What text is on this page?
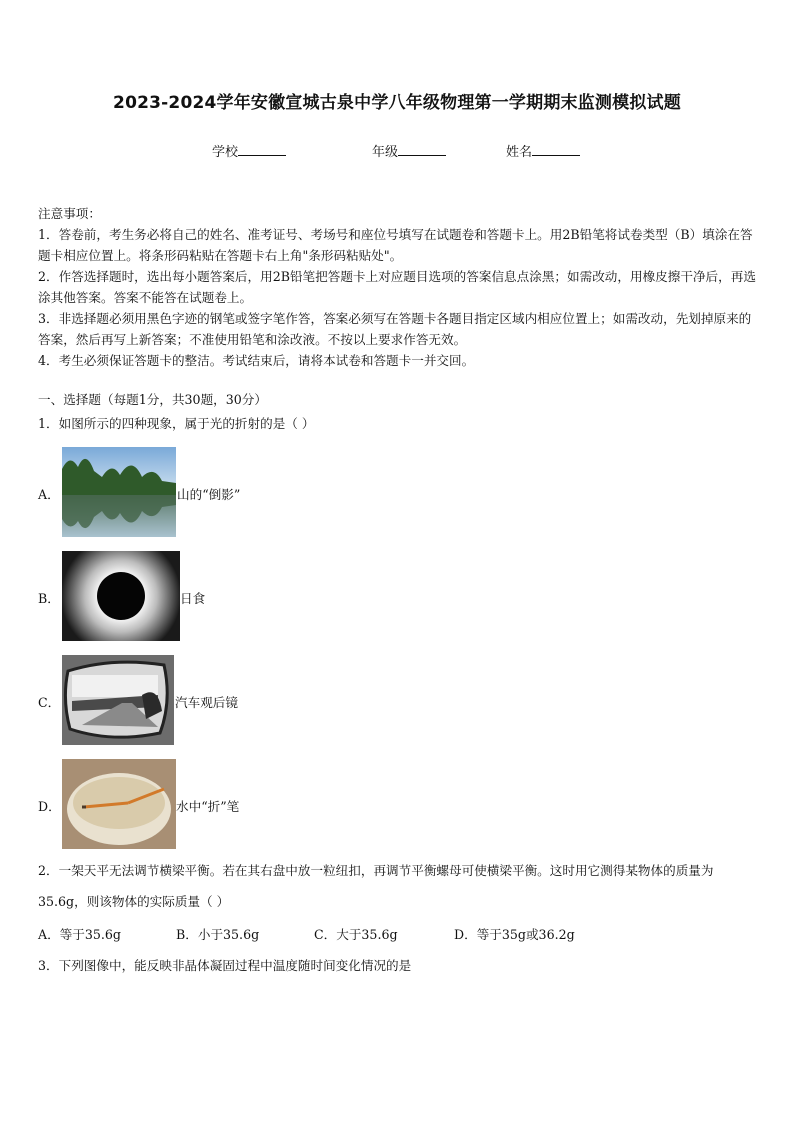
2023-2024学年安徽宣城古泉中学八年级物理第一学期期末监测模拟试题
学校	年级	姓名

注意事项：

1．答卷前，考生务必将自己的姓名、准考证号、考场号和座位号填写在试题卷和答题卡上。用2B铅笔将试卷类型（B）填涂在答题卡相应位置上。将条形码粘贴在答题卡右上角"条形码粘贴处"。

2．作答选择题时，选出每小题答案后，用2B铅笔把答题卡上对应题目选项的答案信息点涂黑；如需改动，用橡皮擦干净后，再选涂其他答案。答案不能答在试题卷上。

3．非选择题必须用黑色字迹的钢笔或签字笔作答，答案必须写在答题卡各题目指定区域内相应位置上；如需改动，先划掉原来的答案，然后再写上新答案；不准使用铅笔和涂改液。不按以上要求作答无效。

4．考生必须保证答题卡的整洁。考试结束后，请将本试卷和答题卡一并交回。

一、选择题（每题1分，共30题，30分）
1．如图所示的四种现象，属于光的折射的是（ ）
A．	山的“倒影”
B．	日食
C．	汽车观后镜
D．	水中“折”笔
2．一架天平无法调节横梁平衡。若在其右盘中放一粒纽扣，再调节平衡螺母可使横梁平衡。这时用它测得某物体的质量为35.6g，则该物体的实际质量（ ）
A．等于35.6g	B．小于35.6g	C．大于35.6g	D．等于35g或36.2g
3．下列图像中，能反映非晶体凝固过程中温度随时间变化情况的是
